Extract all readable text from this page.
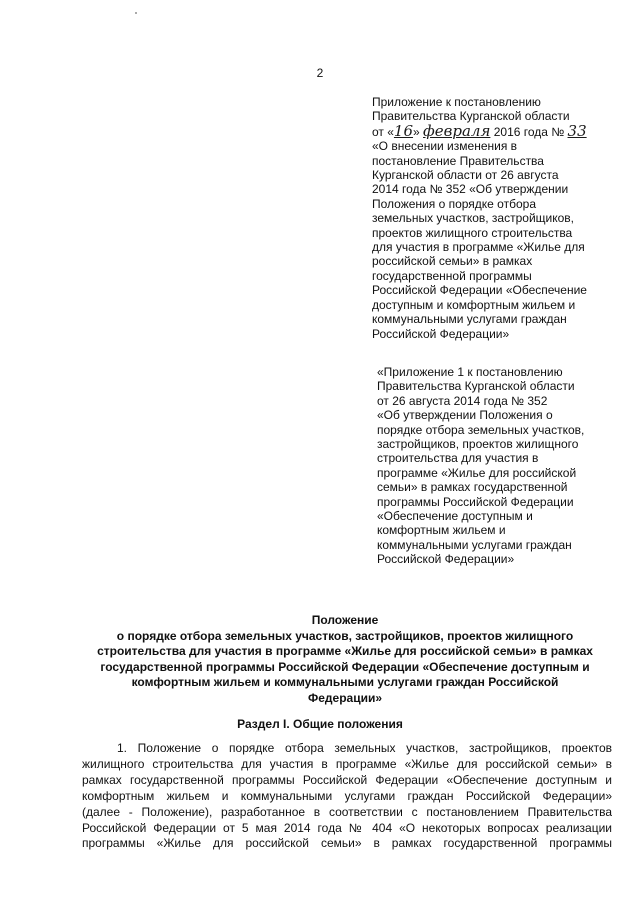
2
Приложение к постановлению
Правительства Курганской области
от «16» февраля 2016 года № 33
«О внесении изменения в
постановление Правительства
Курганской области от 26 августа
2014 года № 352 «Об утверждении
Положения о порядке отбора
земельных участков, застройщиков,
проектов жилищного строительства
для участия в программе «Жилье для
российской семьи» в рамках
государственной программы
Российской Федерации «Обеспечение
доступным и комфортным жильем и
коммунальными услугами граждан
Российской Федерации»
«Приложение 1 к постановлению
Правительства Курганской области
от 26 августа 2014 года № 352
«Об утверждении Положения о
порядке отбора земельных участков,
застройщиков, проектов жилищного
строительства для участия в
программе «Жилье для российской
семьи» в рамках государственной
программы Российской Федерации
«Обеспечение доступным и
комфортным жильем и
коммунальными услугами граждан
Российской Федерации»
Положение
о порядке отбора земельных участков, застройщиков, проектов жилищного
строительства для участия в программе «Жилье для российской семьи» в рамках
государственной программы Российской Федерации «Обеспечение доступным и
комфортным жильем и коммунальными услугами граждан Российской
Федерации»
Раздел I. Общие положения
1. Положение о порядке отбора земельных участков, застройщиков, проектов
жилищного строительства для участия в программе «Жилье для российской семьи» в
рамках государственной программы Российской Федерации «Обеспечение доступным и
комфортным жильем и коммунальными услугами граждан Российской Федерации»
(далее - Положение), разработанное в соответствии с постановлением Правительства
Российской Федерации от 5 мая 2014 года № 404 «О некоторых вопросах реализации
программы «Жилье для российской семьи» в рамках государственной программы
